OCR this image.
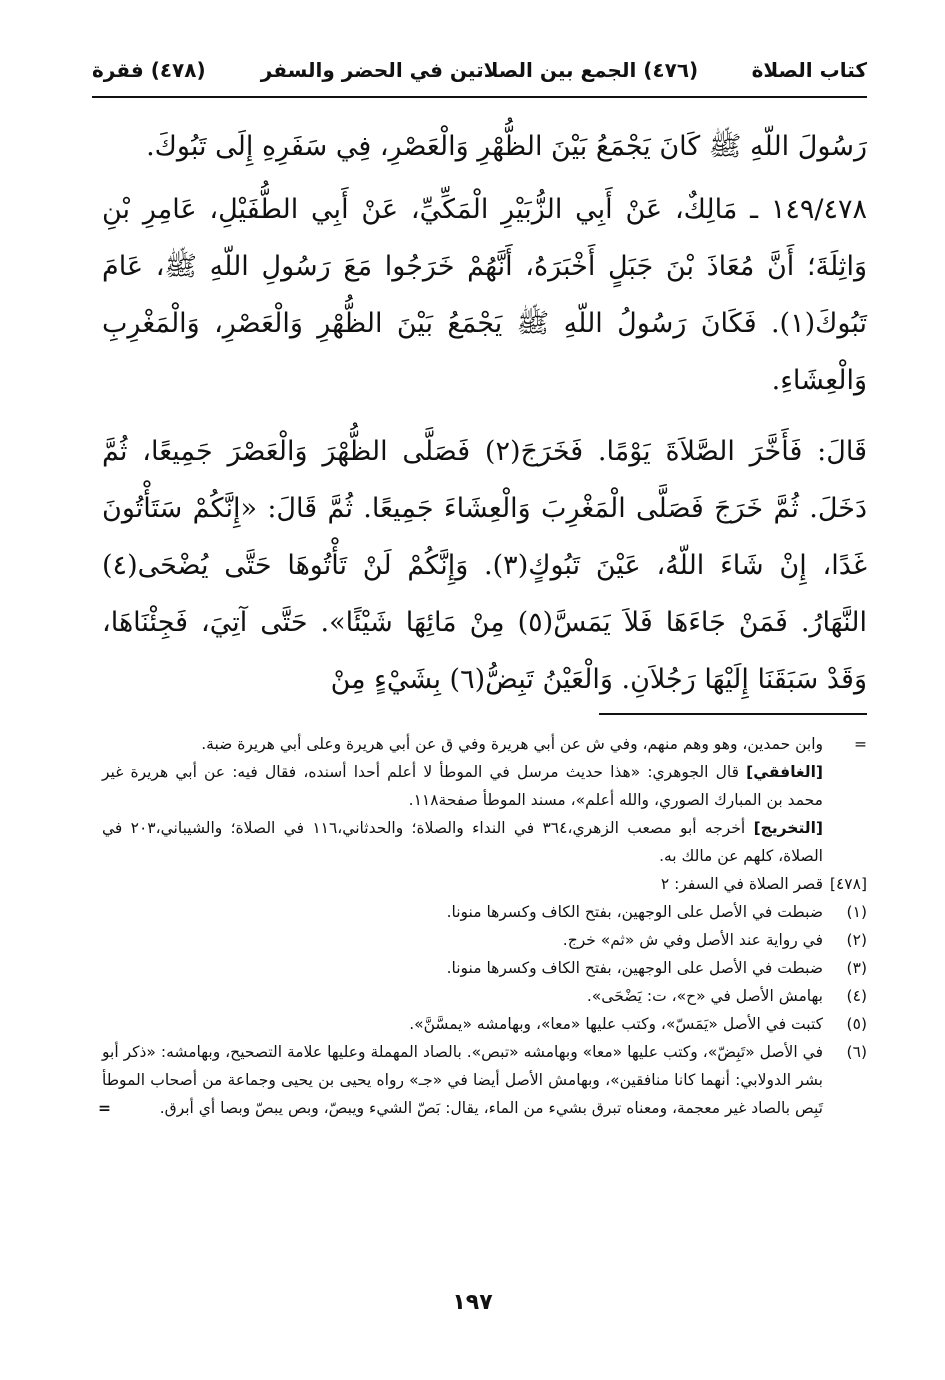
كتاب الصلاة
(٤٧٦) الجمع بين الصلاتين في الحضر والسفر
(٤٧٨) فقرة

رَسُولَ اللّهِ ﷺ كَانَ يَجْمَعُ بَيْنَ الظُّهْرِ وَالْعَصْرِ، فِي سَفَرِهِ إِلَى تَبُوكَ.

١٤٩/٤٧٨ ـ مَالِكٌ، عَنْ أَبِي الزُّبَيْرِ الْمَكِّيِّ، عَنْ أَبِي الطُّفَيْلِ، عَامِرِ بْنِ وَاثِلَةَ؛ أَنَّ مُعَاذَ بْنَ جَبَلٍ أَخْبَرَهُ، أَنَّهُمْ خَرَجُوا مَعَ رَسُولِ اللّهِ ﷺ، عَامَ تَبُوكَ(١). فَكَانَ رَسُولُ اللّهِ ﷺ يَجْمَعُ بَيْنَ الظُّهْرِ وَالْعَصْرِ، وَالْمَغْرِبِ وَالْعِشَاءِ.

قَالَ: فَأَخَّرَ الصَّلاَةَ يَوْمًا. فَخَرَجَ(٢) فَصَلَّى الظُّهْرَ وَالْعَصْرَ جَمِيعًا، ثُمَّ دَخَلَ. ثُمَّ خَرَجَ فَصَلَّى الْمَغْرِبَ وَالْعِشَاءَ جَمِيعًا. ثُمَّ قَالَ: «إِنَّكُمْ سَتَأْتُونَ غَدًا، إِنْ شَاءَ اللّهُ، عَيْنَ تَبُوكٍ(٣). وَإِنَّكُمْ لَنْ تَأْتُوهَا حَتَّى يُضْحَى(٤) النَّهَارُ. فَمَنْ جَاءَهَا فَلاَ يَمَسَّ(٥) مِنْ مَائِهَا شَيْئًا». حَتَّى آتِيَ، فَجِئْنَاهَا، وَقَدْ سَبَقَنَا إِلَيْهَا رَجُلاَنِ. وَالْعَيْنُ تَبِضُّ(٦) بِشَيْءٍ مِنْ

=
وابن حمدين، وهو وهم منهم، وفي ش عن أبي هريرة وفي ق عن أبي هريرة وعلى أبي هريرة ضبة.
[الغافقي] قال الجوهري: «هذا حديث مرسل في الموطأ لا أعلم أحدا أسنده، فقال فيه: عن أبي هريرة غير محمد بن المبارك الصوري، والله أعلم»، مسند الموطأ صفحة١١٨.
[التخريج] أخرجه أبو مصعب الزهري،٣٦٤ في النداء والصلاة؛ والحدثاني،١١٦ في الصلاة؛ والشيباني،٢٠٣ في الصلاة، كلهم عن مالك به.
[٤٧٨]
قصر الصلاة في السفر: ٢
(١)
ضبطت في الأصل على الوجهين، بفتح الكاف وكسرها منونا.
(٢)
في رواية عند الأصل وفي ش «ثم» خرج.
(٣)
ضبطت في الأصل على الوجهين، بفتح الكاف وكسرها منونا.
(٤)
بهامش الأصل في «ح»، ت: يَضْحَى».
(٥)
كتبت في الأصل «يَمَسّ»، وكتب عليها «معا»، وبهامشه «يمسَّنَّ».
(٦)
في الأصل «تَبِضّ»، وكتب عليها «معا» وبهامشه «تبص». بالصاد المهملة وعليها علامة التصحيح، وبهامشه: «ذكر أبو بشر الدولابي: أنهما كانا منافقين»، وبهامش الأصل أيضا في «جـ» رواه يحيى بن يحيى وجماعة من أصحاب الموطأ تَبِص بالصاد غير معجمة، ومعناه تبرق بشيء من الماء، يقال: بَصّ الشيء ويبصّ، وبص يبصّ وبصا أي أبرق.
=
١٩٧
